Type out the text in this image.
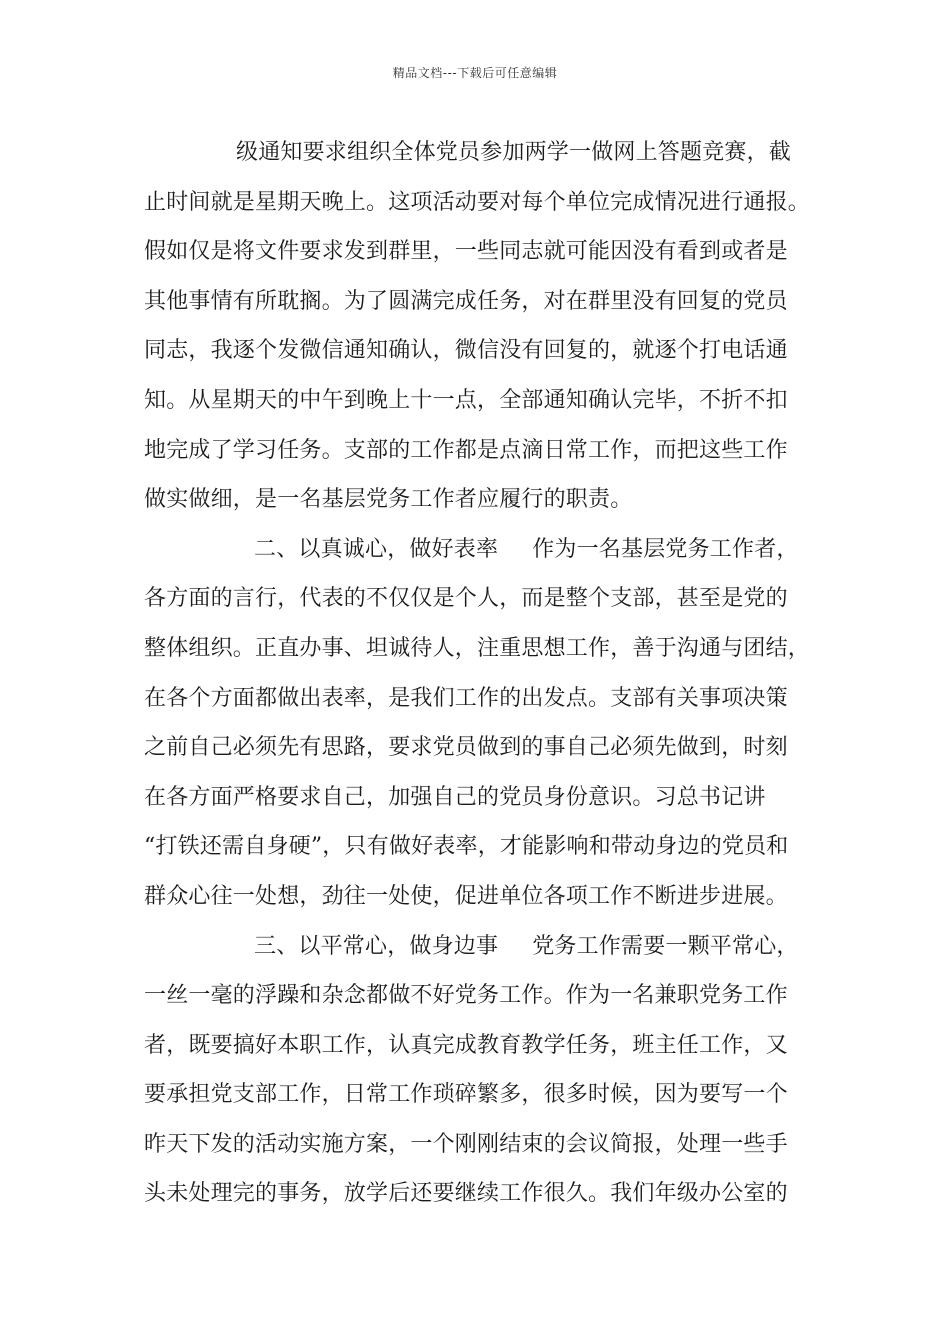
精品文档---下载后可任意编辑
级通知要求组织全体党员参加两学一做网上答题竞赛，截
止时间就是星期天晚上。这项活动要对每个单位完成情况进行通报。
假如仅是将文件要求发到群里，一些同志就可能因没有看到或者是
其他事情有所耽搁。为了圆满完成任务，对在群里没有回复的党员
同志，我逐个发微信通知确认，微信没有回复的，就逐个打电话通
知。从星期天的中午到晚上十一点，全部通知确认完毕，不折不扣
地完成了学习任务。支部的工作都是点滴日常工作，而把这些工作
做实做细，是一名基层党务工作者应履行的职责。
二、以真诚心，做好表率 作为一名基层党务工作者，
各方面的言行，代表的不仅仅是个人，而是整个支部，甚至是党的
整体组织。正直办事、坦诚待人，注重思想工作，善于沟通与团结，
在各个方面都做出表率，是我们工作的出发点。支部有关事项决策
之前自己必须先有思路，要求党员做到的事自己必须先做到，时刻
在各方面严格要求自己，加强自己的党员身份意识。习总书记讲
“打铁还需自身硬”，只有做好表率，才能影响和带动身边的党员和
群众心往一处想，劲往一处使，促进单位各项工作不断进步进展。
三、以平常心，做身边事 党务工作需要一颗平常心，
一丝一毫的浮躁和杂念都做不好党务工作。作为一名兼职党务工作
者，既要搞好本职工作，认真完成教育教学任务，班主任工作，又
要承担党支部工作，日常工作琐碎繁多，很多时候，因为要写一个
昨天下发的活动实施方案，一个刚刚结束的会议简报，处理一些手
头未处理完的事务，放学后还要继续工作很久。我们年级办公室的
